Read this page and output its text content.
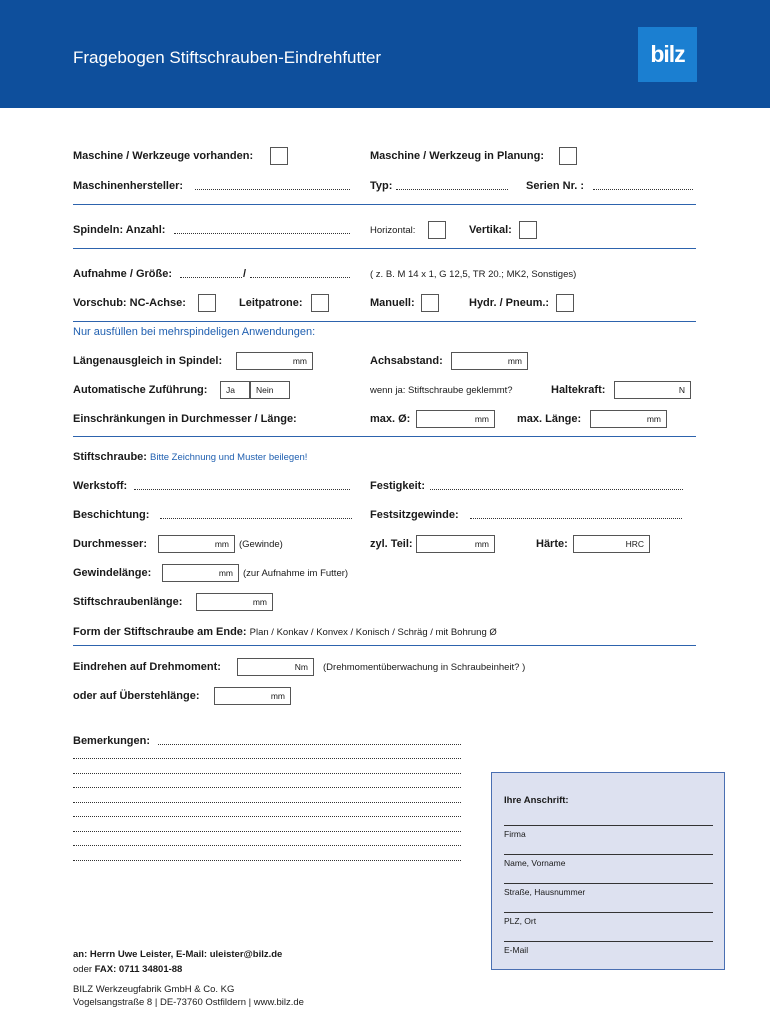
Fragebogen Stiftschrauben-Eindrehfutter	bilz
Maschine / Werkzeuge vorhanden:	Maschine / Werkzeug in Planung:
Maschinenhersteller:	Typ:	Serien Nr. :
Spindeln: Anzahl:	Horizontal:	Vertikal:
Aufnahme / Größe:	/	( z. B. M 14 x 1, G 12,5, TR 20.; MK2, Sonstiges)
Vorschub: NC-Achse:	Leitpatrone:	Manuell:	Hydr. / Pneum.:
Nur ausfüllen bei mehrspindeligen Anwendungen:
Längenausgleich in Spindel:	mm	Achsabstand:	mm
Automatische Zuführung:	Ja	Nein	wenn ja: Stiftschraube geklemmt?	Haltekraft:	N
Einschränkungen in Durchmesser / Länge:	max. Ø:	mm	max. Länge:	mm
Stiftschraube: Bitte Zeichnung und Muster beilegen!
Werkstoff:	Festigkeit:
Beschichtung:	Festsitzgewinde:
Durchmesser:	mm	(Gewinde)	zyl. Teil:	mm	Härte:	HRC
Gewindelänge:	mm	(zur Aufnahme im Futter)
Stiftschraubenlänge:	mm
Form der Stiftschraube am Ende: Plan / Konkav / Konvex / Konisch / Schräg / mit Bohrung Ø
Eindrehen auf Drehmoment:	Nm	(Drehmomentüberwachung in Schraubeinheit? )
oder auf Überstehlänge:	mm
Bemerkungen:
Ihre Anschrift:
Firma
Name, Vorname
Straße, Hausnummer
PLZ, Ort
E-Mail
an: Herrn Uwe Leister, E-Mail: uleister@bilz.de
oder FAX: 0711 34801-88
BILZ Werkzeugfabrik GmbH & Co. KG
Vogelsangstraße 8 | DE-73760 Ostfildern | www.bilz.de
